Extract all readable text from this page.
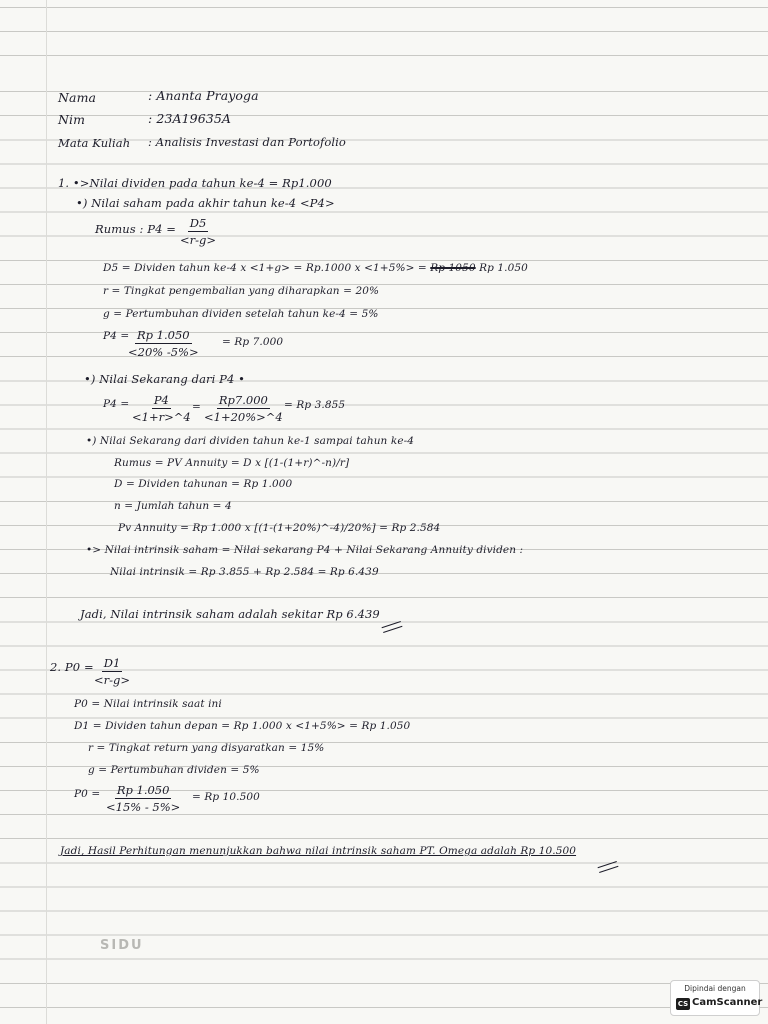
Nama	: Ananta Prayoga
Nim	: 23A19635A
Mata Kuliah : Analisis Investasi dan Portofolio
1. •>Nilai dividen pada tahun ke-4 = Rp1.000
•) Nilai saham pada akhir tahun ke-4 <P4>
Rumus : $P4 = \frac{D5}{<r-g>}$
D5 = Dividen tahun ke-4 x <1+g> = Rp.1000 x <1+5%> = Rp 1050 Rp 1.050
r = Tingkat pengembalian yang diharapkan = 20%
g = Pertumbuhan dividen setelah tahun ke-4 = 5%
P4 =
$\frac{Rp 1.050}{<20\% -5\%>} = Rp$ 7.000
•) Nilai Sekarang dari P4 •
$P4 = \frac{P4}{<1+r>\^{}4} = \frac{Rp7.000}{<1+20\%>\^{}4} = Rp$ 3.855
•) Nilai Sekarang dari dividen tahun ke-1 sampai tahun ke-4
Rumus = PV Annuity = D x [(1-(1+r)^-n)/r]
D = Dividen tahunan = Rp 1.000
n = Jumlah tahun = 4
Pv Annuity = Rp 1.000 x [(1-(1+20%)^-4)/20%] = Rp 2.584
•> Nilai intrinsik saham = Nilai sekarang P4 + Nilai Sekarang Annuity dividen :
Nilai intrinsik = Rp 3.855 + Rp 2.584 = Rp 6.439
Jadi, Nilai intrinsik saham adalah sekitar Rp 6.439
2. $P0 = \frac{D1}{<r-g>}$
P0 = Nilai intrinsik saat ini
D1 = Dividen tahun depan = Rp 1.000 x <1+5%> = Rp 1.050
r = Tingkat return yang disyaratkan = 15%
g = Pertumbuhan dividen = 5%
$P0 = \frac{Rp 1.050}{<15\% - 5\%>} = Rp$ 10.500
Jadi, Hasil Perhitungan menunjukkan bahwa nilai intrinsik saham PT. Omega adalah Rp 10.500
SIDU
Dipindai dengan
CS CamScanner
